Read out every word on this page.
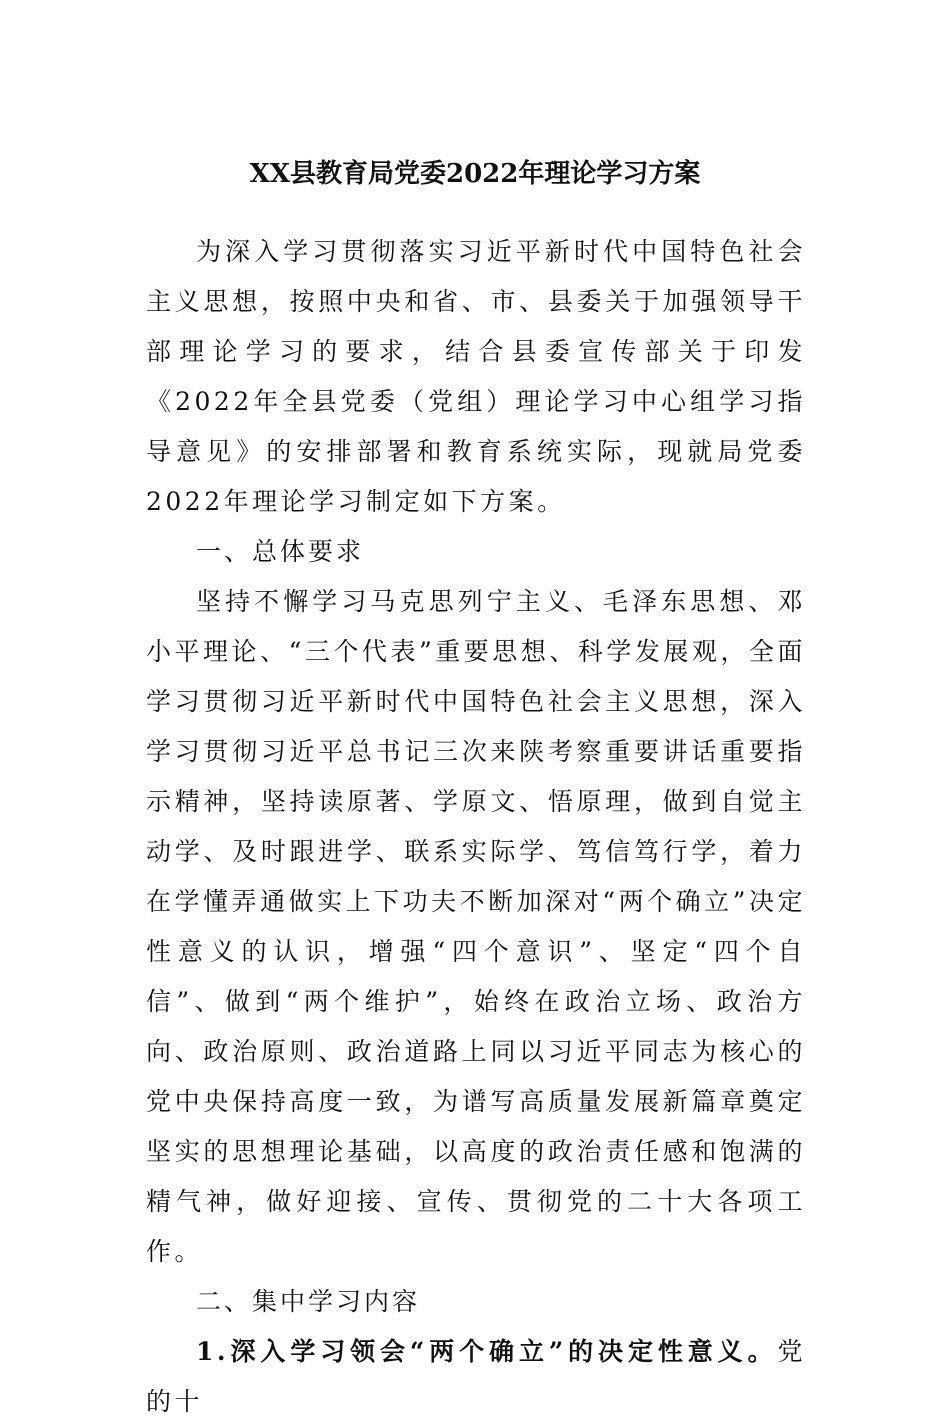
XX县教育局党委2022年理论学习方案

为深入学习贯彻落实习近平新时代中国特色社会主义思想，按照中央和省、市、县委关于加强领导干部理论学习的要求，结合县委宣传部关于印发《2022年全县党委（党组）理论学习中心组学习指导意见》的安排部署和教育系统实际，现就局党委2022年理论学习制定如下方案。

一、总体要求

坚持不懈学习马克思列宁主义、毛泽东思想、邓小平理论、“三个代表”重要思想、科学发展观，全面学习贯彻习近平新时代中国特色社会主义思想，深入学习贯彻习近平总书记三次来陕考察重要讲话重要指示精神，坚持读原著、学原文、悟原理，做到自觉主动学、及时跟进学、联系实际学、笃信笃行学，着力在学懂弄通做实上下功夫不断加深对“两个确立”决定性意义的认识，增强“四个意识”、坚定“四个自信”、做到“两个维护”，始终在政治立场、政治方向、政治原则、政治道路上同以习近平同志为核心的党中央保持高度一致，为谱写高质量发展新篇章奠定坚实的思想理论基础，以高度的政治责任感和饱满的精气神，做好迎接、宣传、贯彻党的二十大各项工作。

二、集中学习内容

1.深入学习领会“两个确立”的决定性意义。党的十
